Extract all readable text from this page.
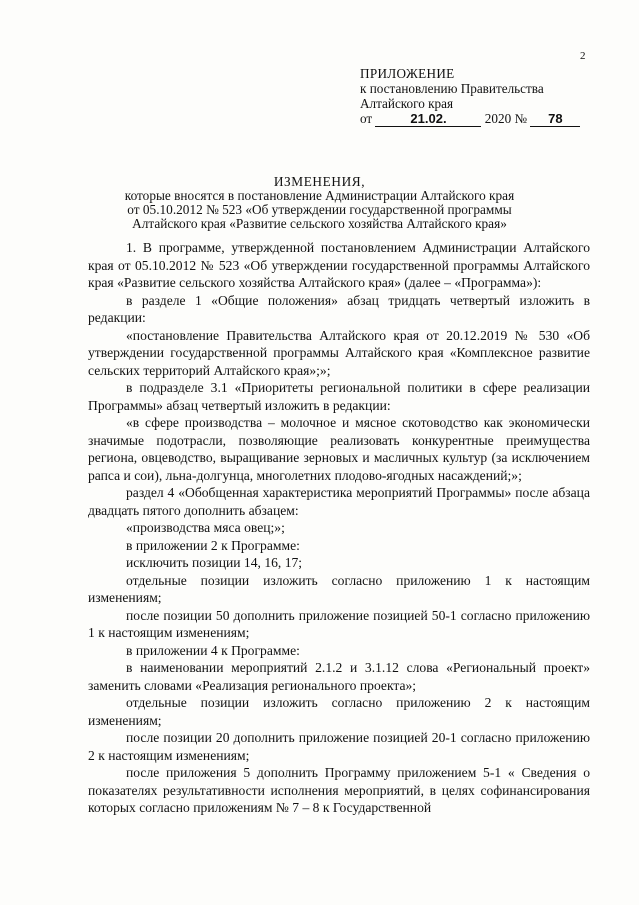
2
ПРИЛОЖЕНИЕ
к постановлению Правительства
Алтайского края
от	21.02.	2020 № 78
ИЗМЕНЕНИЯ,
которые вносятся в постановление Администрации Алтайского края
от 05.10.2012 № 523 «Об утверждении государственной программы
Алтайского края «Развитие сельского хозяйства Алтайского края»

1. В программе, утвержденной постановлением Администрации Алтайского края от 05.10.2012 № 523 «Об утверждении государственной программы Алтайского края «Развитие сельского хозяйства Алтайского края» (далее – «Программа»):

в разделе 1 «Общие положения» абзац тридцать четвертый изложить в редакции:

«постановление Правительства Алтайского края от 20.12.2019 № 530 «Об утверждении государственной программы Алтайского края «Комплексное развитие сельских территорий Алтайского края»;»;

в подразделе 3.1 «Приоритеты региональной политики в сфере реализации Программы» абзац четвертый изложить в редакции:

«в сфере производства – молочное и мясное скотоводство как экономически значимые подотрасли, позволяющие реализовать конкурентные преимущества региона, овцеводство, выращивание зерновых и масличных культур (за исключением рапса и сои), льна-долгунца, многолетних плодово-ягодных насаждений;»;

раздел 4 «Обобщенная характеристика мероприятий Программы» после абзаца двадцать пятого дополнить абзацем:

«производства мяса овец;»;

в приложении 2 к Программе:

исключить позиции 14, 16, 17;

отдельные позиции изложить согласно приложению 1 к настоящим изменениям;

после позиции 50 дополнить приложение позицией 50-1 согласно приложению 1 к настоящим изменениям;

в приложении 4 к Программе:

в наименовании мероприятий 2.1.2 и 3.1.12 слова «Региональный проект» заменить словами «Реализация регионального проекта»;

отдельные позиции изложить согласно приложению 2 к настоящим изменениям;

после позиции 20 дополнить приложение позицией 20-1 согласно приложению 2 к настоящим изменениям;

после приложения 5 дополнить Программу приложением 5-1 « Сведения о показателях результативности исполнения мероприятий, в целях софинансирования которых согласно приложениям № 7 – 8 к Государственной
